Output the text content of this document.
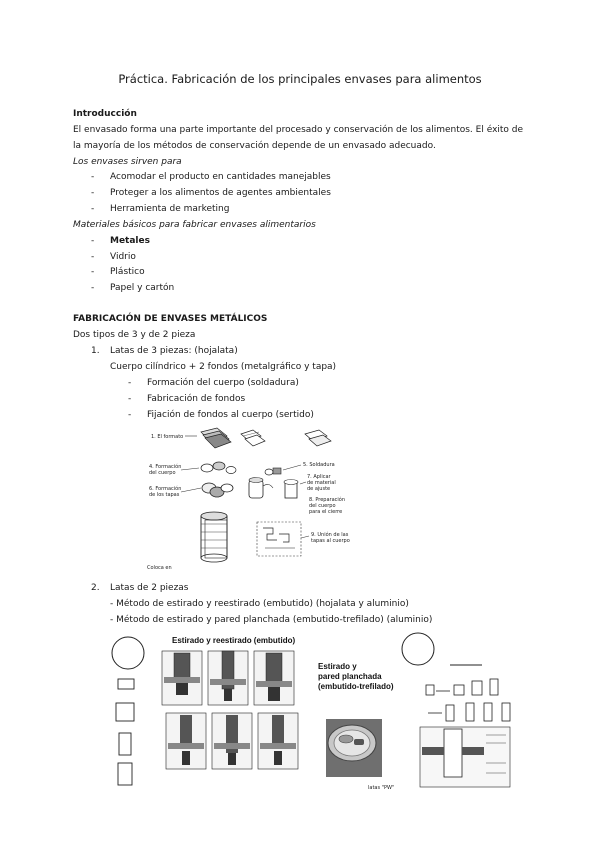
Práctica. Fabricación de los principales envases para alimentos
Introducción
El envasado forma una parte importante del procesado y conservación de los alimentos. El éxito de
la mayoría de los métodos de conservación depende de un envasado adecuado.
Los envases sirven para
- Acomodar el producto en cantidades manejables
- Proteger a los alimentos de agentes ambientales
- Herramienta de marketing
Materiales básicos para fabricar envases alimentarios
- Metales
- Vidrio
- Plástico
- Papel y cartón
FABRICACIÓN DE ENVASES METÁLICOS
Dos tipos de 3 y de 2 pieza
1. Latas de 3 piezas: (hojalata)
Cuerpo cilíndrico + 2 fondos (metalgráfico y tapa)
- Formación del cuerpo (soldadura)
- Fabricación de fondos
- Fijación de fondos al cuerpo (sertido)
1. El formato
4. Formación
del cuerpo
5. Soldadura
6. Formación
de los tapas
7. Aplicar
de material
de ajuste
8. Preparación
del cuerpo
para el cierre
9. Unión de las
tapas al cuerpo
Coloca en
2. Latas de 2 piezas
- Método de estirado y reestirado (embutido) (hojalata y aluminio)
- Método de estirado y pared planchada (embutido-trefilado) (aluminio)
Estirado y reestirado (embutido)
Estirado y
pared planchada
(embutido-trefilado)
latas "PW"
